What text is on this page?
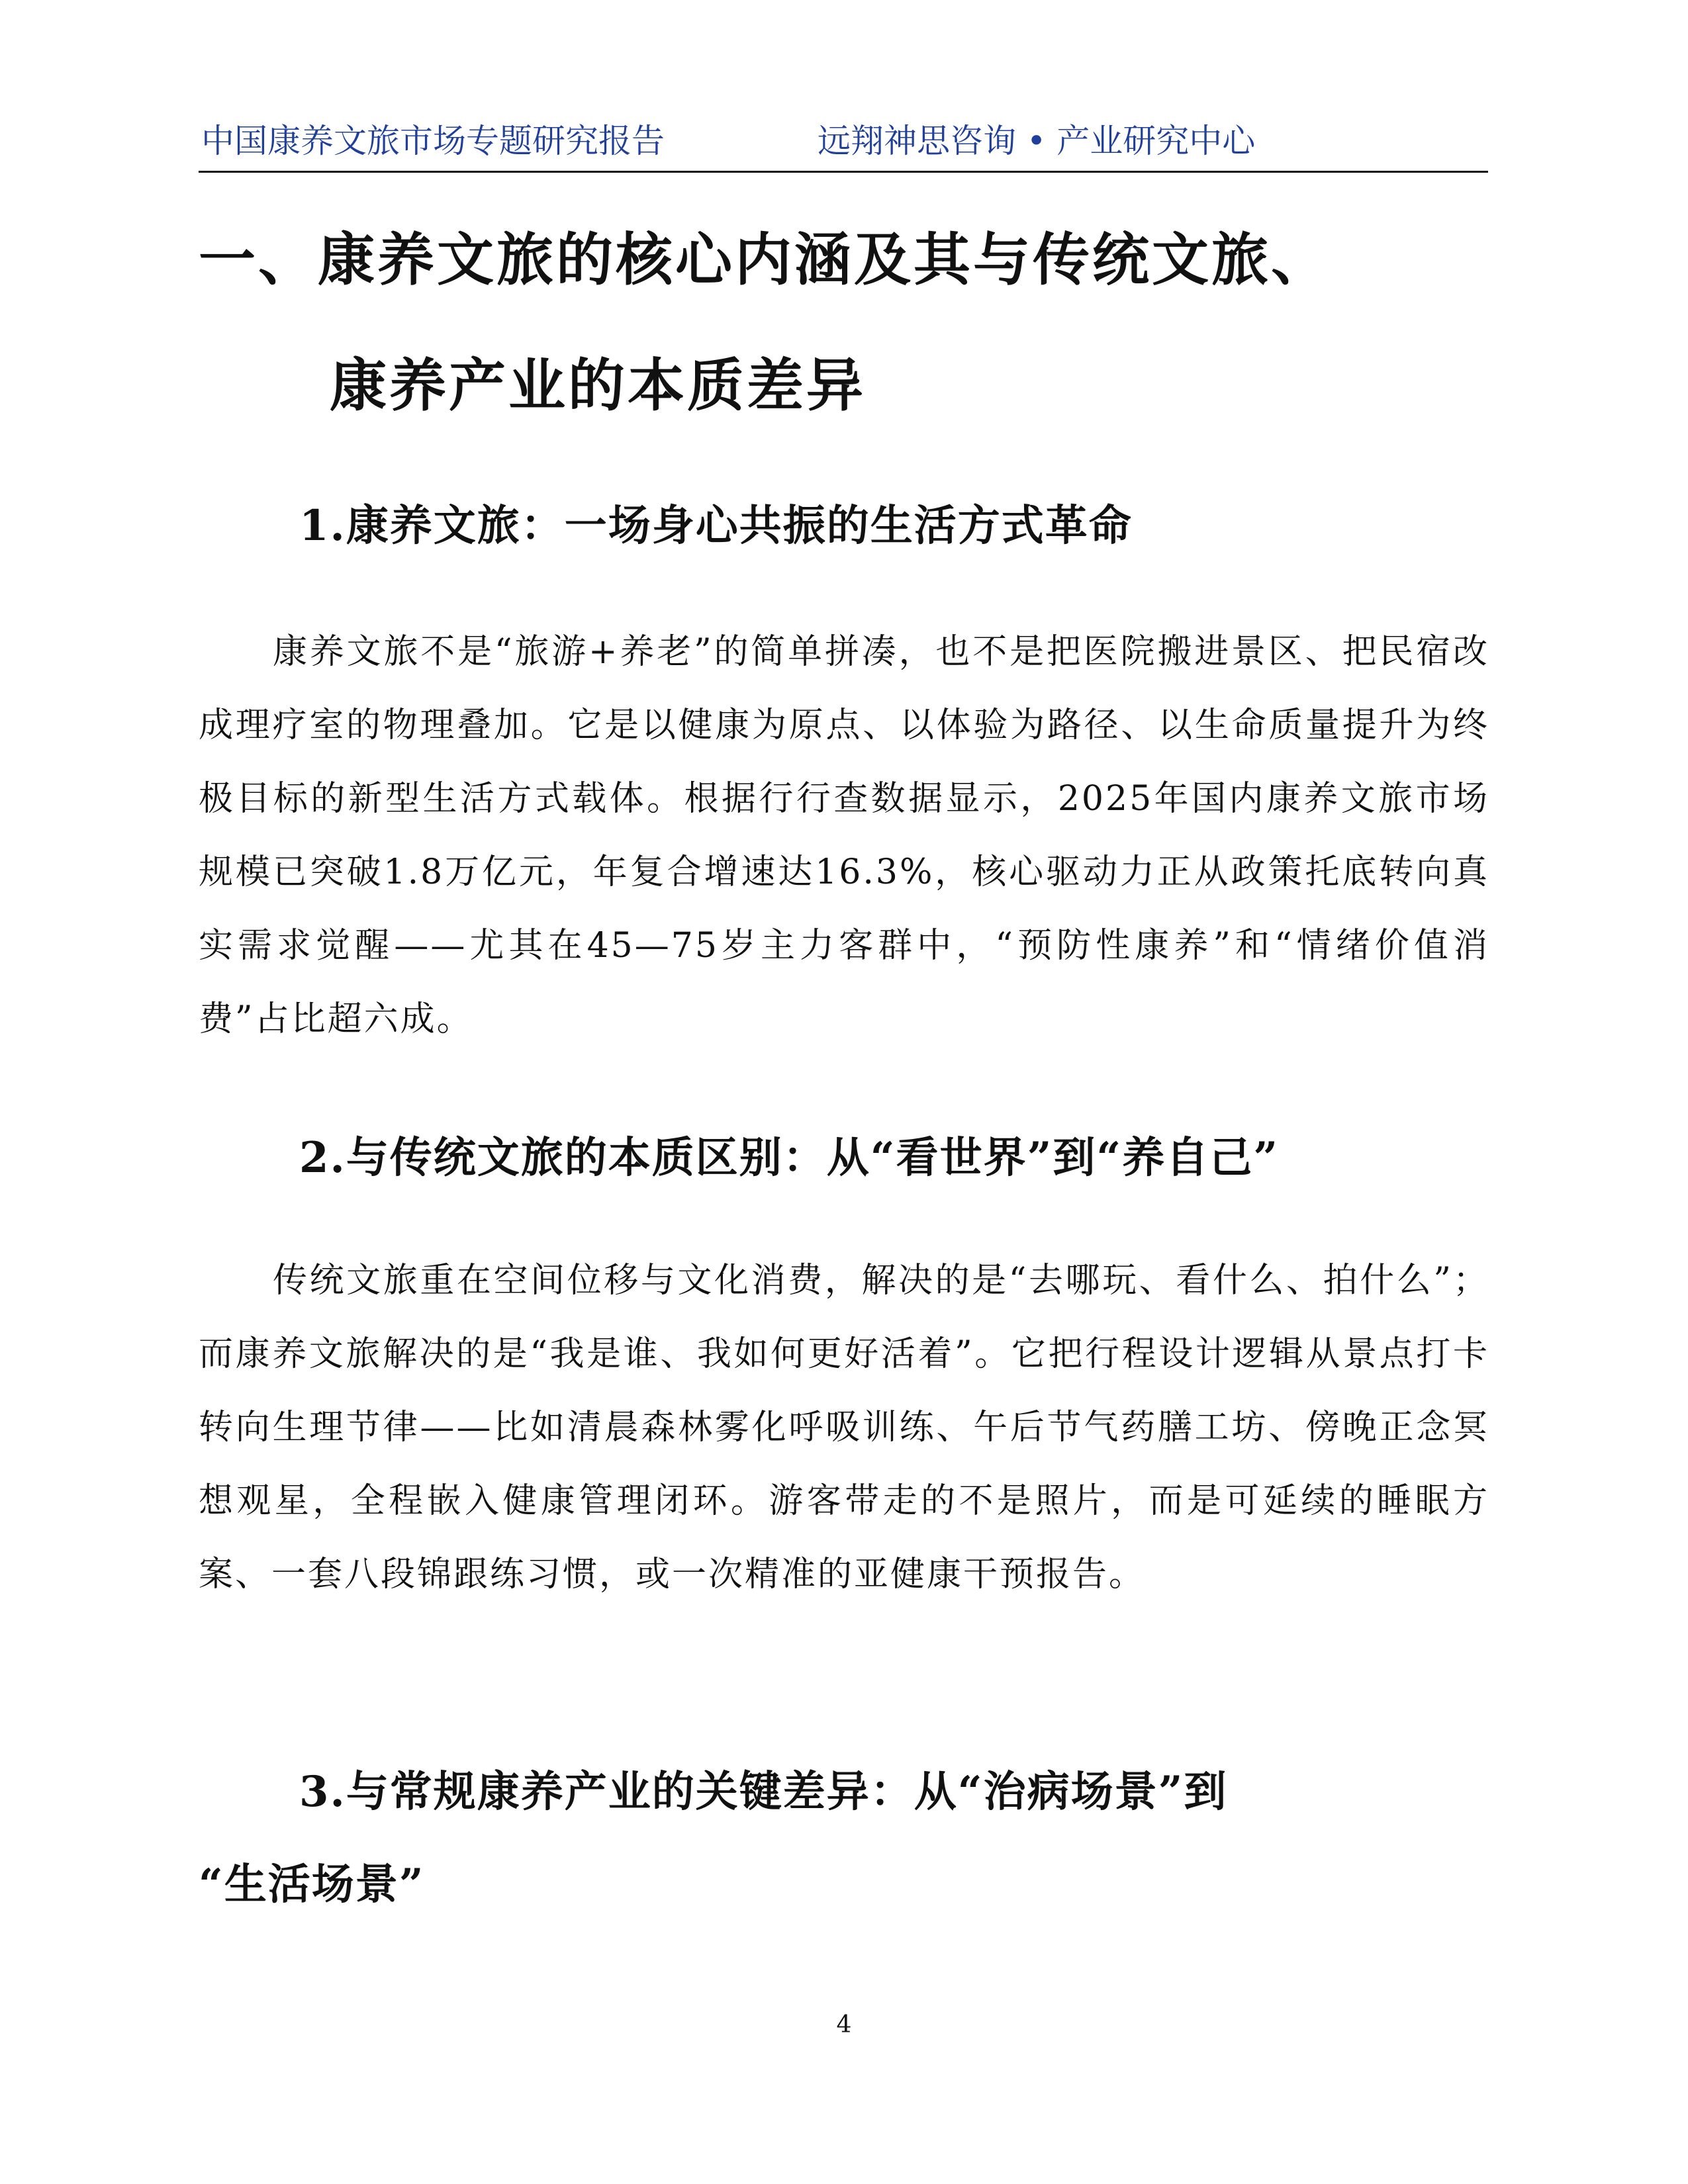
中国康养文旅市场专题研究报告	远翔神思咨询 • 产业研究中心
一、康养文旅的核心内涵及其与传统文旅、
康养产业的本质差异
1.康养文旅：一场身心共振的生活方式革命

康养文旅不是“旅游+养老”的简单拼凑，也不是把医院搬进景区、把民宿改成理疗室的物理叠加。它是以健康为原点、以体验为路径、以生命质量提升为终极目标的新型生活方式载体。根据行行查数据显示，2025年国内康养文旅市场规模已突破1.8万亿元，年复合增速达16.3%，核心驱动力正从政策托底转向真实需求觉醒——尤其在45—75岁主力客群中，“预防性康养”和“情绪价值消费”占比超六成。

2.与传统文旅的本质区别：从“看世界”到“养自己”

传统文旅重在空间位移与文化消费，解决的是“去哪玩、看什么、拍什么”；而康养文旅解决的是“我是谁、我如何更好活着”。它把行程设计逻辑从景点打卡转向生理节律——比如清晨森林雾化呼吸训练、午后节气药膳工坊、傍晚正念冥想观星，全程嵌入健康管理闭环。游客带走的不是照片，而是可延续的睡眠方案、一套八段锦跟练习惯，或一次精准的亚健康干预报告。

3.与常规康养产业的关键差异：从“治病场景”到
“生活场景”
4
